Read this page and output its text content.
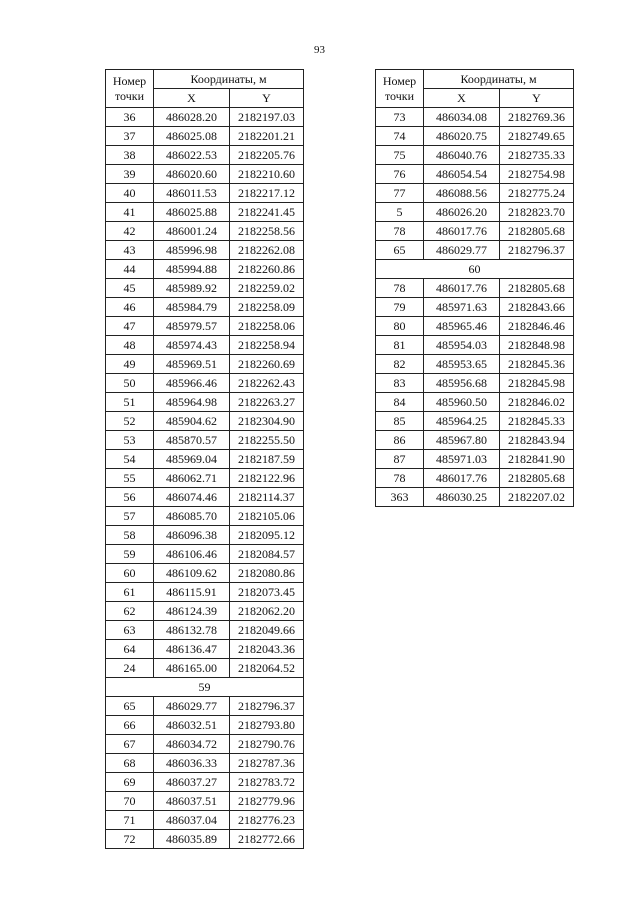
93
Номер
точки	Координаты, м	
	X	Y
36	486028.20	2182197.03
37	486025.08	2182201.21
38	486022.53	2182205.76
39	486020.60	2182210.60
40	486011.53	2182217.12
41	486025.88	2182241.45
42	486001.24	2182258.56
43	485996.98	2182262.08
44	485994.88	2182260.86
45	485989.92	2182259.02
46	485984.79	2182258.09
47	485979.57	2182258.06
48	485974.43	2182258.94
49	485969.51	2182260.69
50	485966.46	2182262.43
51	485964.98	2182263.27
52	485904.62	2182304.90
53	485870.57	2182255.50
54	485969.04	2182187.59
55	486062.71	2182122.96
56	486074.46	2182114.37
57	486085.70	2182105.06
58	486096.38	2182095.12
59	486106.46	2182084.57
60	486109.62	2182080.86
61	486115.91	2182073.45
62	486124.39	2182062.20
63	486132.78	2182049.66
64	486136.47	2182043.36
24	486165.00	2182064.52
59		
65	486029.77	2182796.37
66	486032.51	2182793.80
67	486034.72	2182790.76
68	486036.33	2182787.36
69	486037.27	2182783.72
70	486037.51	2182779.96
71	486037.04	2182776.23
72	486035.89	2182772.66
Номер
точки	Координаты, м	
	X	Y
73	486034.08	2182769.36
74	486020.75	2182749.65
75	486040.76	2182735.33
76	486054.54	2182754.98
77	486088.56	2182775.24
5	486026.20	2182823.70
78	486017.76	2182805.68
65	486029.77	2182796.37
60		
78	486017.76	2182805.68
79	485971.63	2182843.66
80	485965.46	2182846.46
81	485954.03	2182848.98
82	485953.65	2182845.36
83	485956.68	2182845.98
84	485960.50	2182846.02
85	485964.25	2182845.33
86	485967.80	2182843.94
87	485971.03	2182841.90
78	486017.76	2182805.68
363	486030.25	2182207.02
